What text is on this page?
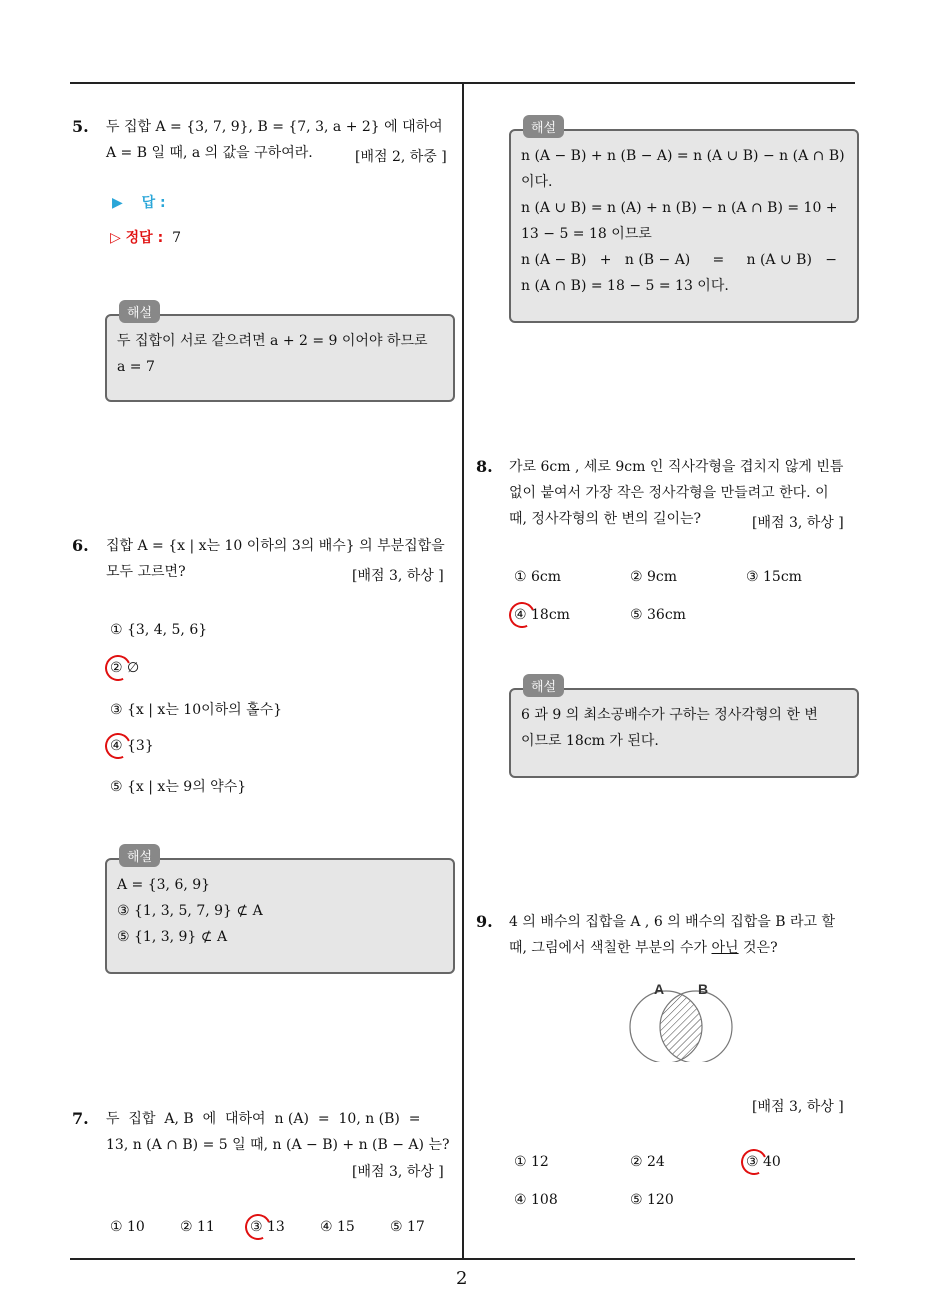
5. 두 집합 A = {3, 7, 9}, B = {7, 3, a + 2} 에 대하여
A = B 일 때, a 의 값을 구하여라.	[배점 2, 하중 ]
▶ 답 :
▷ 정답 : 7
해설
두 집합이 서로 같으려면 a + 2 = 9 이어야 하므로
a = 7
6. 집합 A = {x | x는 10 이하의 3의 배수} 의 부분집합을
모두 고르면?	[배점 3, 하상 ]
① {3, 4, 5, 6}
② ∅
③ {x | x는 10이하의 홀수}
④ {3}
⑤ {x | x는 9의 약수}
해설
A = {3, 6, 9}
③ {1, 3, 5, 7, 9} ⊄ A
⑤ {1, 3, 9} ⊄ A
7. 두  집합  A, B  에  대하여  n (A)  =  10, n (B)  =
13, n (A ∩ B) = 5 일 때, n (A − B) + n (B − A) 는?
[배점 3, 하상 ]
① 10	② 11	③ 13	④ 15	⑤ 17
해설
n (A − B) + n (B − A) = n (A ∪ B) − n (A ∩ B)
이다.
n (A ∪ B) = n (A) + n (B) − n (A ∩ B) = 10 +
13 − 5 = 18 이므로
n (A − B)   +   n (B − A)     =     n (A ∪ B)   −
n (A ∩ B) = 18 − 5 = 13 이다.
8. 가로 6cm , 세로 9cm 인 직사각형을 겹치지 않게 빈틈
없이 붙여서 가장 작은 정사각형을 만들려고 한다. 이
때, 정사각형의 한 변의 길이는?	[배점 3, 하상 ]
① 6cm	② 9cm	③ 15cm
④ 18cm	⑤ 36cm
해설
6 과 9 의 최소공배수가 구하는 정사각형의 한 변
이므로 18cm 가 된다.
9. 4 의 배수의 집합을 A , 6 의 배수의 집합을 B 라고 할
때, 그림에서 색칠한 부분의 수가 아닌 것은?
A B
[배점 3, 하상 ]
① 12	② 24	③ 40
④ 108	⑤ 120
2
